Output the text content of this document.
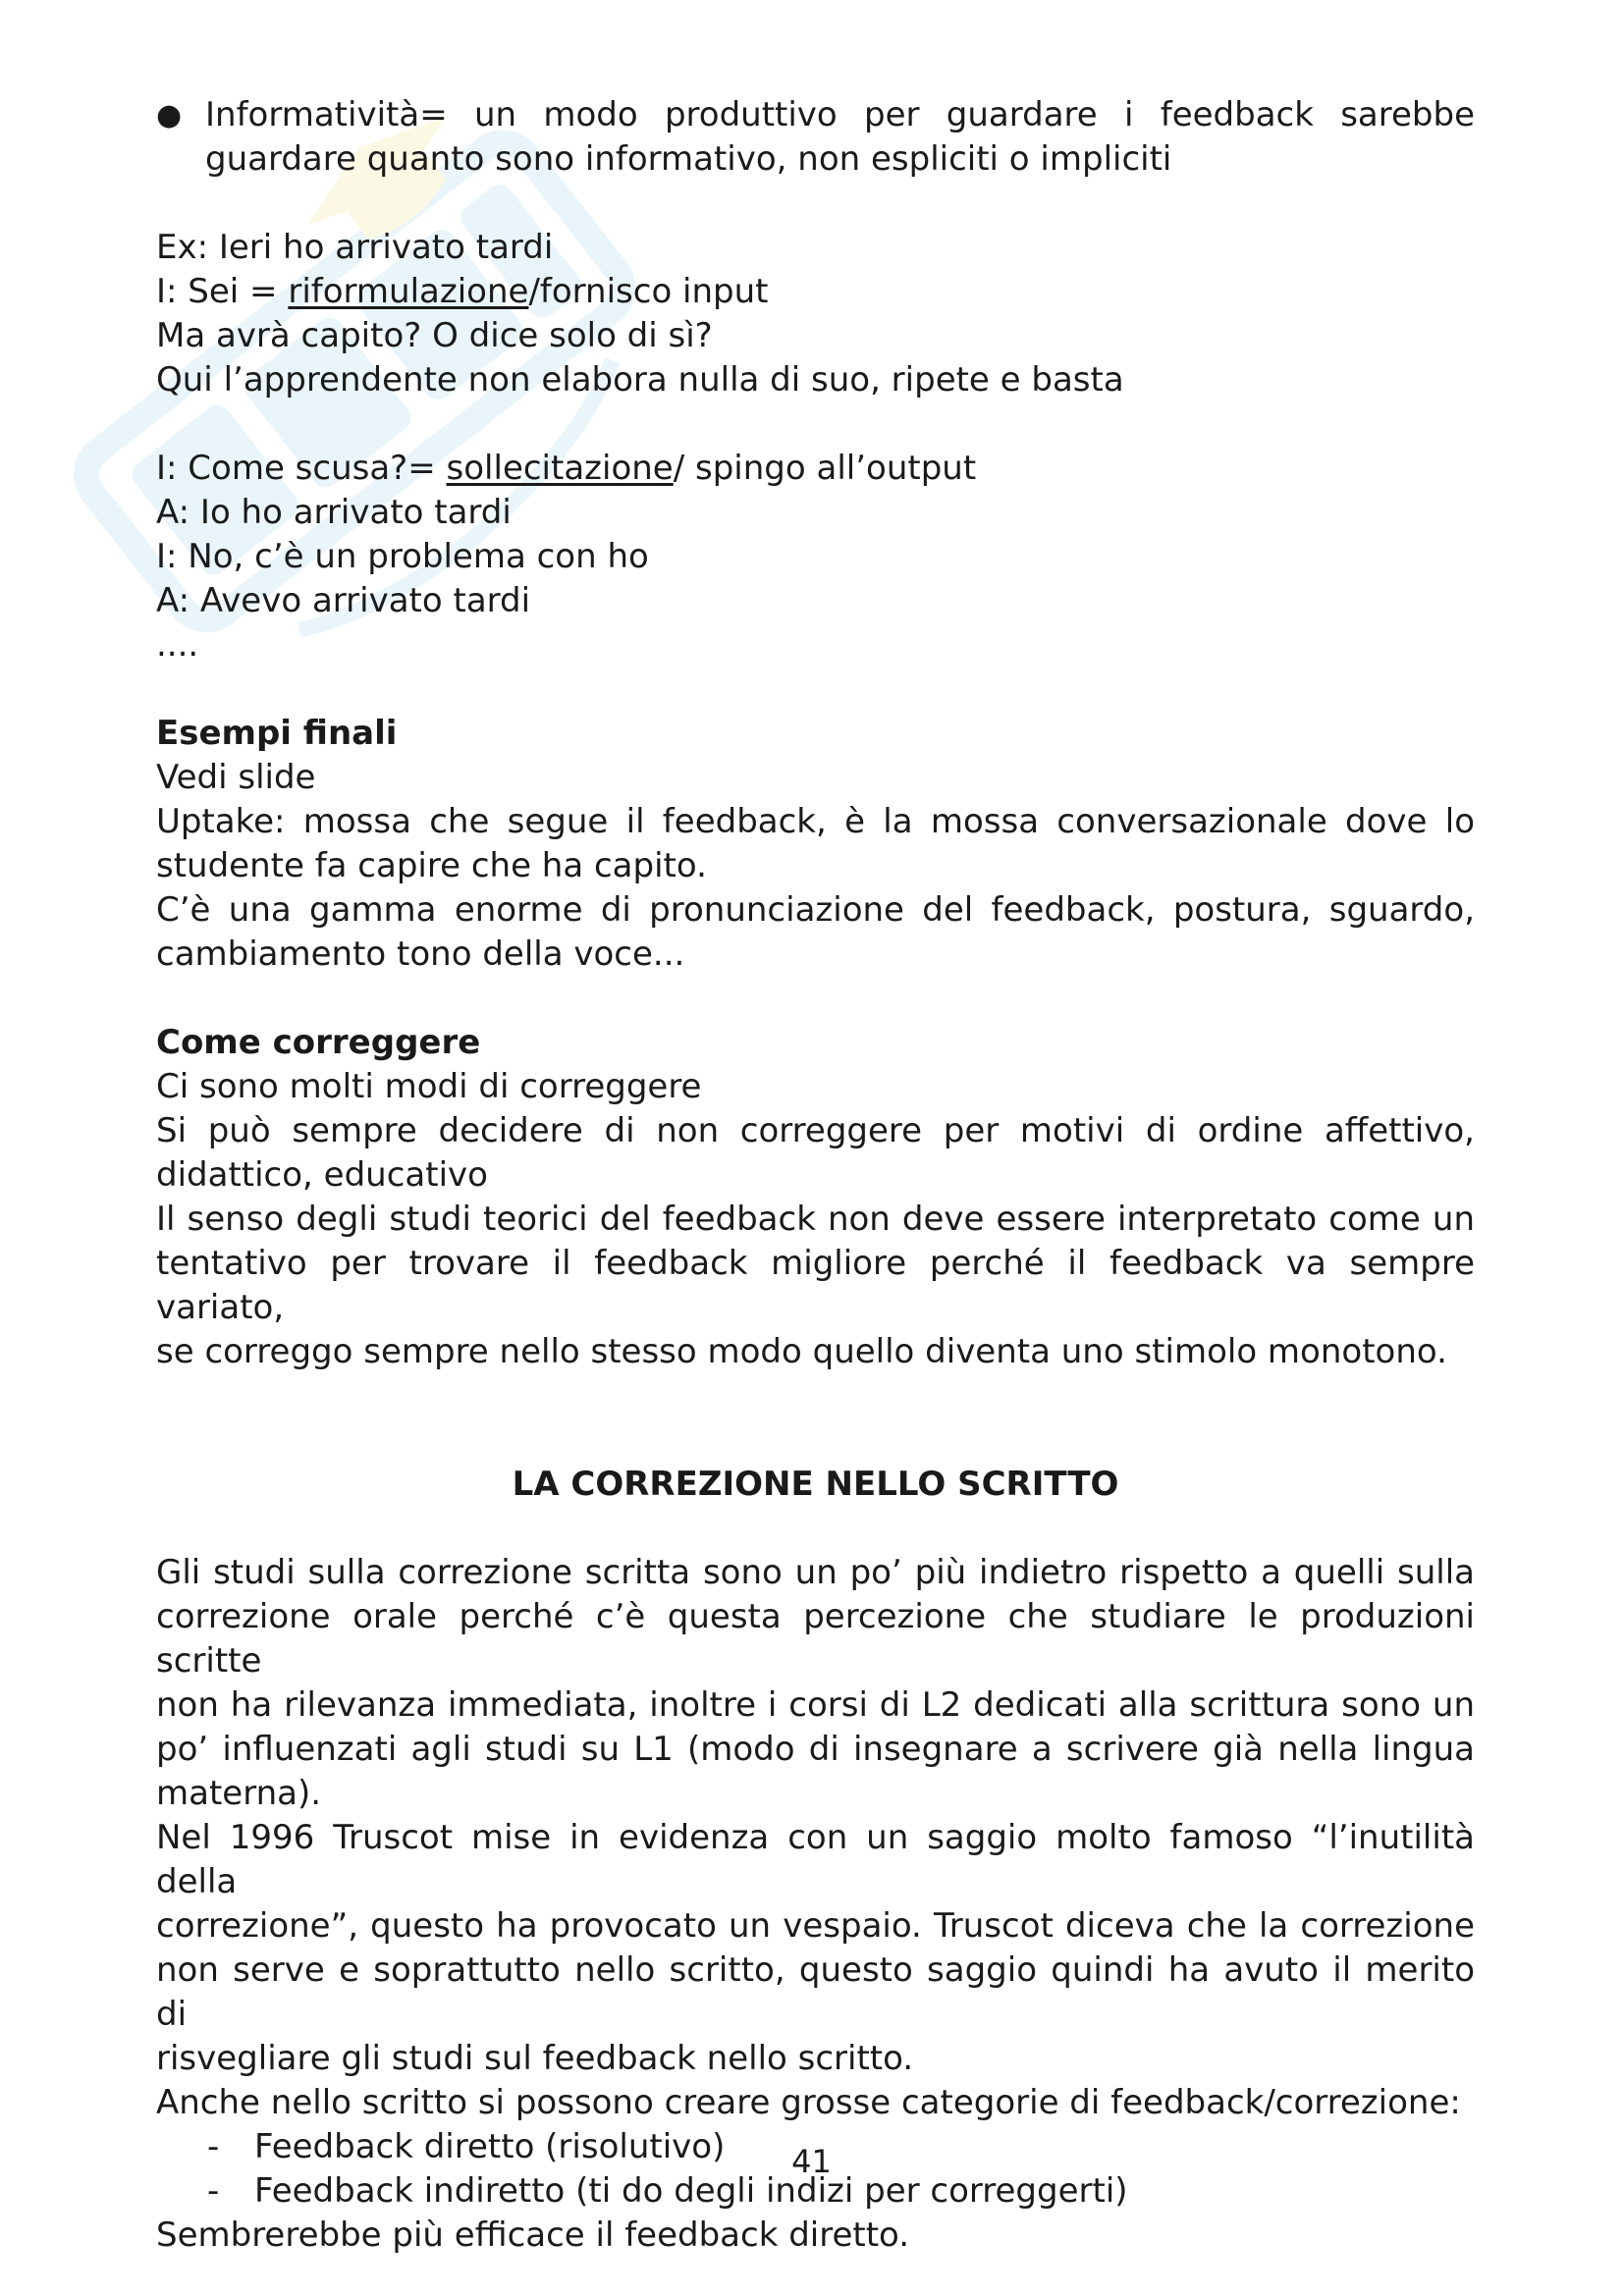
● Informatività= un modo produttivo per guardare i feedback sarebbe
guardare quanto sono informativo, non espliciti o impliciti
Ex: Ieri ho arrivato tardi
I: Sei = riformulazione/fornisco input
Ma avrà capito? O dice solo di sì?
Qui l’apprendente non elabora nulla di suo, ripete e basta
I: Come scusa?= sollecitazione/ spingo all’output
A: Io ho arrivato tardi
I: No, c’è un problema con ho
A: Avevo arrivato tardi
....
Esempi finali
Vedi slide
Uptake: mossa che segue il feedback, è la mossa conversazionale dove lo
studente fa capire che ha capito.
C’è una gamma enorme di pronunciazione del feedback, postura, sguardo,
cambiamento tono della voce...
Come correggere
Ci sono molti modi di correggere
Si può sempre decidere di non correggere per motivi di ordine affettivo,
didattico, educativo
Il senso degli studi teorici del feedback non deve essere interpretato come un
tentativo per trovare il feedback migliore perché il feedback va sempre variato,
se correggo sempre nello stesso modo quello diventa uno stimolo monotono.
LA CORREZIONE NELLO SCRITTO
Gli studi sulla correzione scritta sono un po’ più indietro rispetto a quelli sulla
correzione orale perché c’è questa percezione che studiare le produzioni scritte
non ha rilevanza immediata, inoltre i corsi di L2 dedicati alla scrittura sono un
po’ influenzati agli studi su L1 (modo di insegnare a scrivere già nella lingua
materna).
Nel 1996 Truscot mise in evidenza con un saggio molto famoso “l’inutilità della
correzione”, questo ha provocato un vespaio. Truscot diceva che la correzione
non serve e soprattutto nello scritto, questo saggio quindi ha avuto il merito di
risvegliare gli studi sul feedback nello scritto.
Anche nello scritto si possono creare grosse categorie di feedback/correzione:
- Feedback diretto (risolutivo)
- Feedback indiretto (ti do degli indizi per correggerti)
Sembrerebbe più efficace il feedback diretto.
41
